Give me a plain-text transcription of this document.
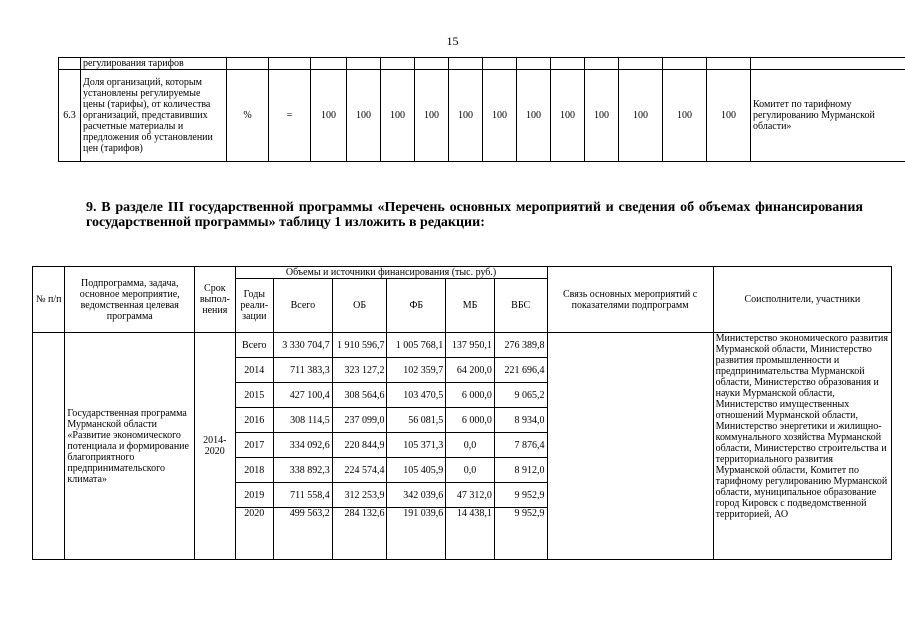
15
	регулирования тарифов															
6.3	Доля организаций, которым установлены регулируемые цены (тарифы), от количества организаций, представивших расчетные материалы и предложения об установлении цен (тарифов)	%	=	100	100	100	100	100	100	100	100	100	100	100	100	Комитет по тарифному регулированию Мурманской области»
9. В разделе III государственной программы «Перечень основных мероприятий и сведения об объемах финансирования государственной программы» таблицу 1 изложить в редакции:
№ п/п	Подпрограмма, задача, основное мероприятие, ведомственная целевая программа	Срок выпол-нения	Объемы и источники финансирования (тыс. руб.)						Связь основных мероприятий с показателями подпрограмм	Соисполнители, участники
			Годы реали-зации	Всего	ОБ	ФБ	МБ	ВБС		
	Государственная программа Мурманской области «Развитие экономического потенциала и формирование благоприятного предпринимательского климата»	2014-2020	Всего	3 330 704,7	1 910 596,7	1 005 768,1	137 950,1	276 389,8		Министерство экономического развития Мурманской области, Министерство развития промышленности и предпринимательства Мурманской области, Министерство образования и науки Мурманской области, Министерство имущественных отношений Мурманской области, Министерство энергетики и жилищно-коммунального хозяйства Мурманской области, Министерство строительства и территориального развития Мурманской области, Комитет по тарифному регулированию Мурманской области, муниципальное образование город Кировск с подведомственной территорией, АО
			2014	711 383,3	323 127,2	102 359,7	64 200,0	221 696,4		
			2015	427 100,4	308 564,6	103 470,5	6 000,0	9 065,2		
			2016	308 114,5	237 099,0	56 081,5	6 000,0	8 934,0		
			2017	334 092,6	220 844,9	105 371,3	0,0	7 876,4		
			2018	338 892,3	224 574,4	105 405,9	0,0	8 912,0		
			2019	711 558,4	312 253,9	342 039,6	47 312,0	9 952,9		
			2020	499 563,2	284 132,6	191 039,6	14 438,1	9 952,9		
